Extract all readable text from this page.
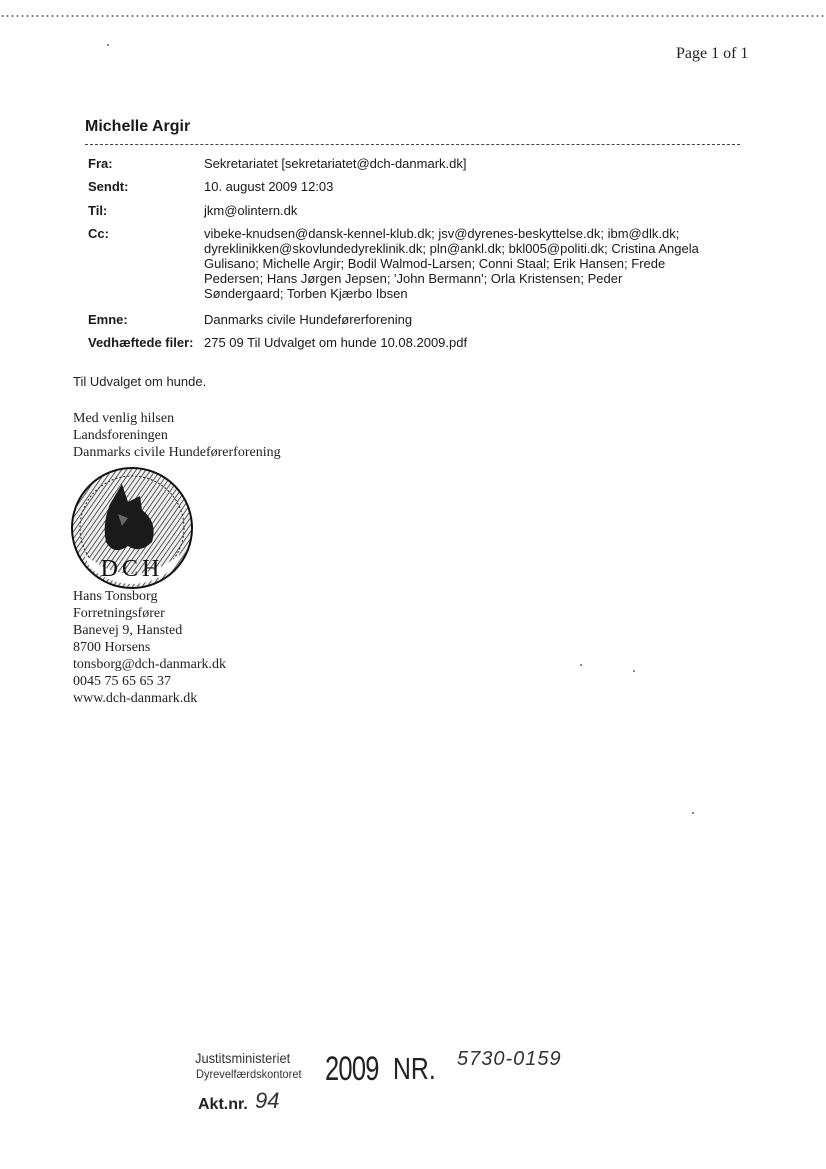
Page 1 of 1
Michelle Argir
Fra:	Sekretariatet [sekretariatet@dch-danmark.dk]
Sendt:	10. august 2009 12:03
Til:	jkm@olintern.dk
Cc:	vibeke-knudsen@dansk-kennel-klub.dk; jsv@dyrenes-beskyttelse.dk; ibm@dlk.dk;
dyreklinikken@skovlundedyreklinik.dk; pln@ankl.dk; bkl005@politi.dk; Cristina Angela
Gulisano; Michelle Argir; Bodil Walmod-Larsen; Conni Staal; Erik Hansen; Frede
Pedersen; Hans Jørgen Jepsen; 'John Bermann'; Orla Kristensen; Peder
Søndergaard; Torben Kjærbo Ibsen
Emne:	Danmarks civile Hundeførerforening
Vedhæftede filer: 275 09 Til Udvalget om hunde 10.08.2009.pdf
Til Udvalget om hunde.
Med venlig hilsen
Landsforeningen
Danmarks civile Hundeførerforening
DCH
Hans Tonsborg
Forretningsfører
Banevej 9, Hansted
8700 Horsens
tonsborg@dch-danmark.dk
0045 75 65 65 37
www.dch-danmark.dk
Justitsministeriet
Dyrevelfærdskontoret 2009 NR. 5730-0159
Akt.nr. 94
